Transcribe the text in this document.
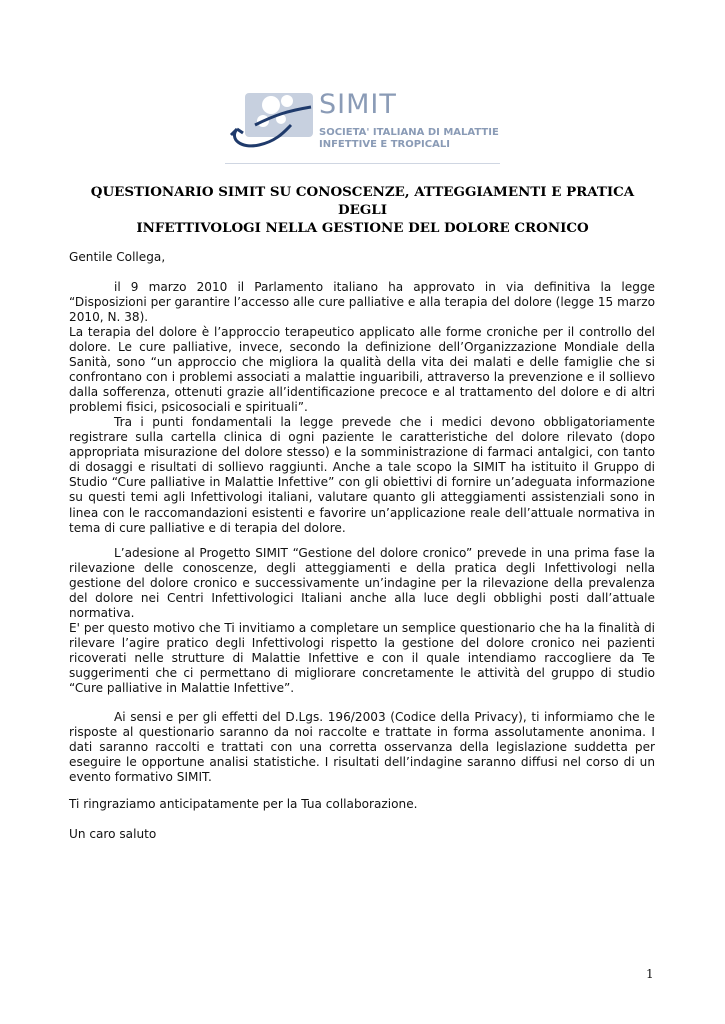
SIMIT
SOCIETA' ITALIANA DI MALATTIE
INFETTIVE E TROPICALI
QUESTIONARIO SIMIT SU CONOSCENZE, ATTEGGIAMENTI E PRATICA DEGLI
INFETTIVOLOGI NELLA GESTIONE DEL DOLORE CRONICO

Gentile Collega,

il 9 marzo 2010 il Parlamento italiano ha approvato in via definitiva la legge “Disposizioni per garantire l’accesso alle cure palliative e alla terapia del dolore (legge 15 marzo 2010, N. 38).

La terapia del dolore è l’approccio terapeutico applicato alle forme croniche per il controllo del dolore. Le cure palliative, invece, secondo la definizione dell’Organizzazione Mondiale della Sanità, sono “un approccio che migliora la qualità della vita dei malati e delle famiglie che si confrontano con i problemi associati a malattie inguaribili, attraverso la prevenzione e il sollievo dalla sofferenza, ottenuti grazie all’identificazione precoce e al trattamento del dolore e di altri problemi fisici, psicosociali e spirituali”.

Tra i punti fondamentali la legge prevede che i medici devono obbligatoriamente registrare sulla cartella clinica di ogni paziente le caratteristiche del dolore rilevato (dopo appropriata misurazione del dolore stesso) e la somministrazione di farmaci antalgici, con tanto di dosaggi e risultati di sollievo raggiunti. Anche a tale scopo la SIMIT ha istituito il Gruppo di Studio “Cure palliative in Malattie Infettive” con gli obiettivi di fornire un’adeguata informazione su questi temi agli Infettivologi italiani, valutare quanto gli atteggiamenti assistenziali sono in linea con le raccomandazioni esistenti e favorire un’applicazione reale dell’attuale normativa in tema di cure palliative e di terapia del dolore.

L’adesione al Progetto SIMIT “Gestione del dolore cronico” prevede in una prima fase la rilevazione delle conoscenze, degli atteggiamenti e della pratica degli Infettivologi nella gestione del dolore cronico e successivamente un’indagine per la rilevazione della prevalenza del dolore nei Centri Infettivologici Italiani anche alla luce degli obblighi posti dall’attuale normativa.

E' per questo motivo che Ti invitiamo a completare un semplice questionario che ha la finalità di rilevare l’agire pratico degli Infettivologi rispetto la gestione del dolore cronico nei pazienti ricoverati nelle strutture di Malattie Infettive e con il quale intendiamo raccogliere da Te suggerimenti che ci permettano di migliorare concretamente le attività del gruppo di studio “Cure palliative in Malattie Infettive”.

Ai sensi e per gli effetti del D.Lgs. 196/2003 (Codice della Privacy), ti informiamo che le risposte al questionario saranno da noi raccolte e trattate in forma assolutamente anonima. I dati saranno raccolti e trattati con una corretta osservanza della legislazione suddetta per eseguire le opportune analisi statistiche. I risultati dell’indagine saranno diffusi nel corso di un evento formativo SIMIT.

Ti ringraziamo anticipatamente per la Tua collaborazione.

Un caro saluto

1
